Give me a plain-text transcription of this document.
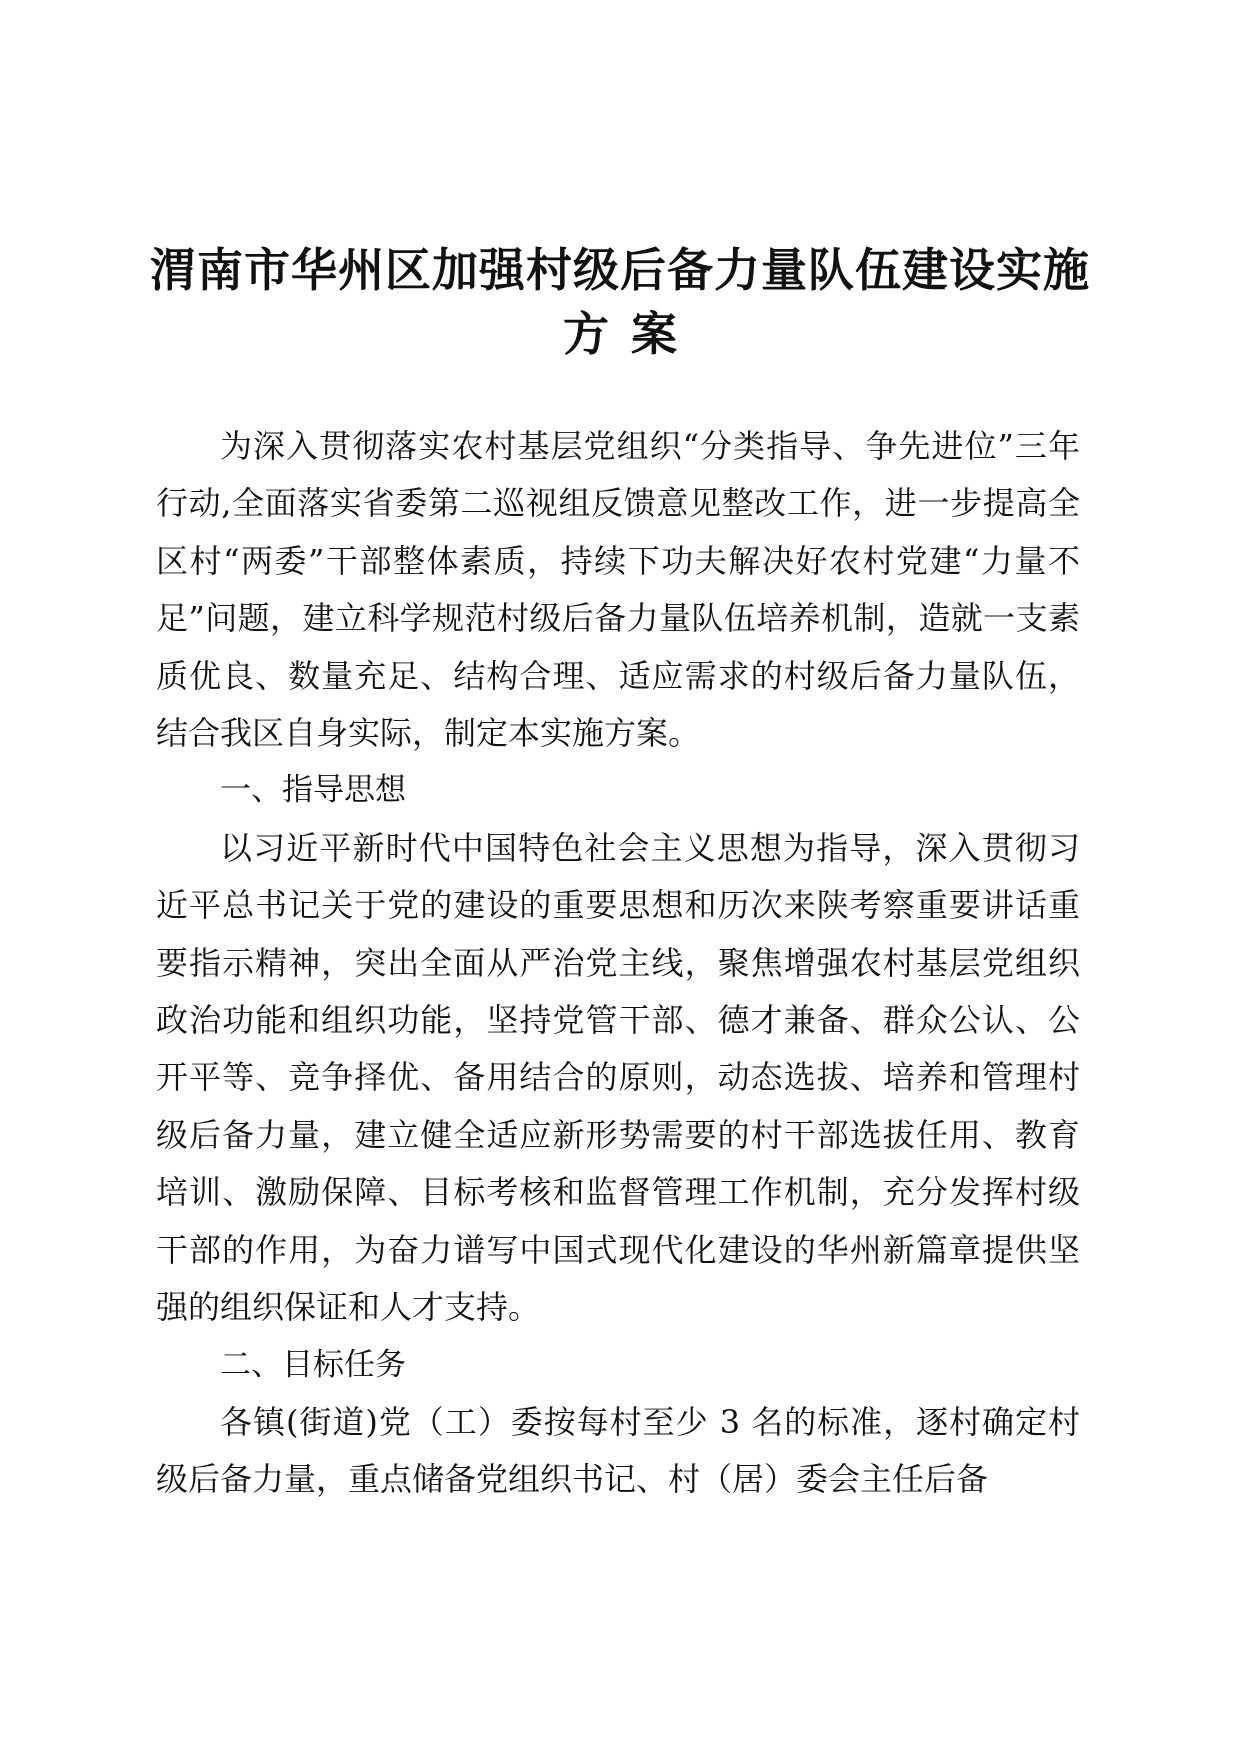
渭南市华州区加强村级后备力量队伍建设实施
方案

为深入贯彻落实农村基层党组织“分类指导、争先进位”三年行动,全面落实省委第二巡视组反馈意见整改工作，进一步提高全区村“两委”干部整体素质，持续下功夫解决好农村党建“力量不足”问题，建立科学规范村级后备力量队伍培养机制，造就一支素质优良、数量充足、结构合理、适应需求的村级后备力量队伍，结合我区自身实际，制定本实施方案。

一、指导思想

以习近平新时代中国特色社会主义思想为指导，深入贯彻习近平总书记关于党的建设的重要思想和历次来陕考察重要讲话重要指示精神，突出全面从严治党主线，聚焦增强农村基层党组织政治功能和组织功能，坚持党管干部、德才兼备、群众公认、公开平等、竞争择优、备用结合的原则，动态选拔、培养和管理村级后备力量，建立健全适应新形势需要的村干部选拔任用、教育培训、激励保障、目标考核和监督管理工作机制，充分发挥村级干部的作用，为奋力谱写中国式现代化建设的华州新篇章提供坚强的组织保证和人才支持。

二、目标任务

各镇(街道)党（工）委按每村至少 3 名的标准，逐村确定村级后备力量，重点储备党组织书记、村（居）委会主任后备
